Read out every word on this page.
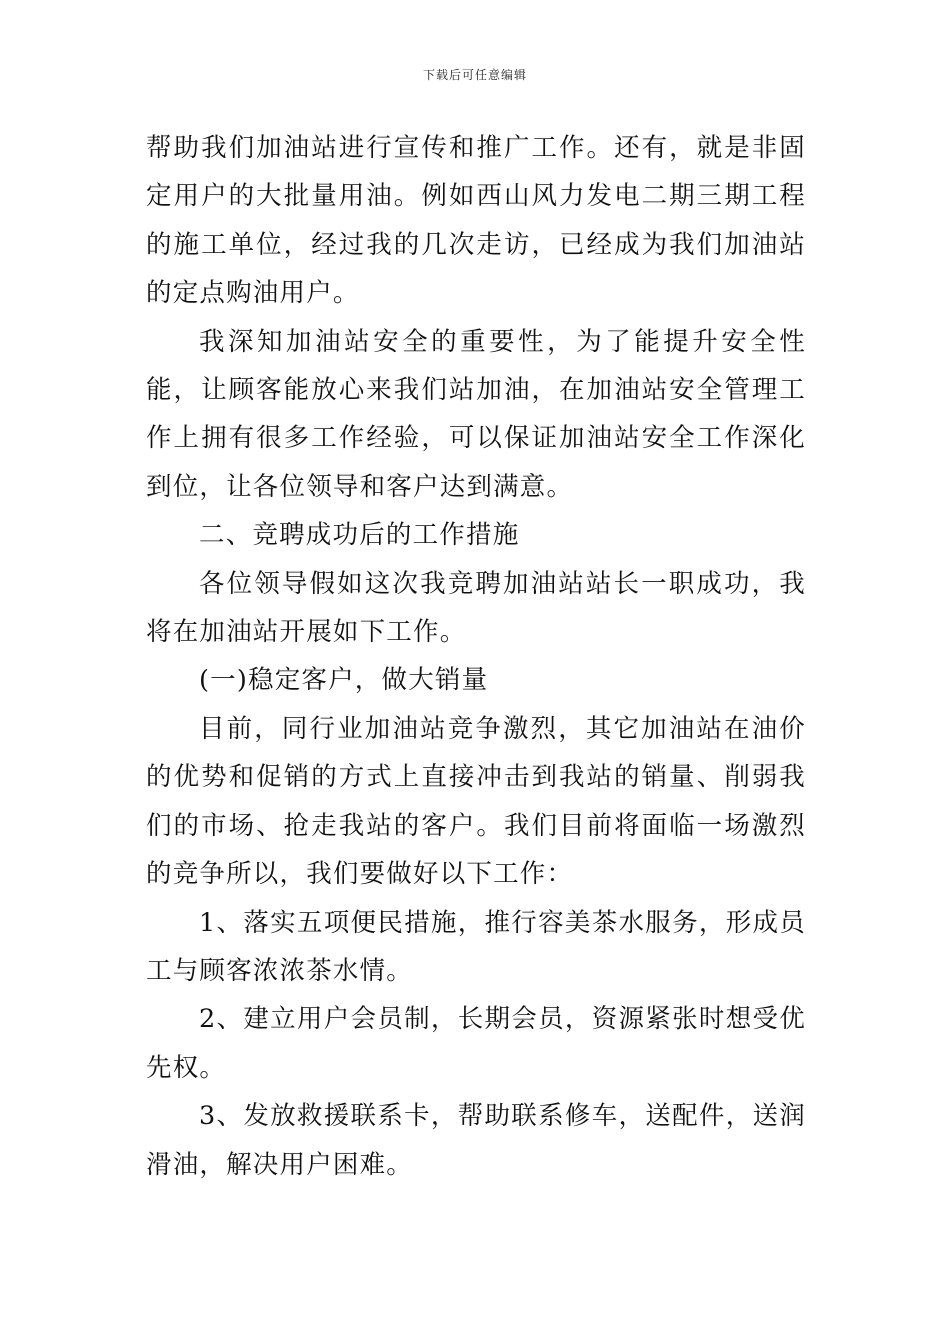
下载后可任意编辑

帮助我们加油站进行宣传和推广工作。还有，就是非固定用户的大批量用油。例如西山风力发电二期三期工程的施工单位，经过我的几次走访，已经成为我们加油站的定点购油用户。

我深知加油站安全的重要性，为了能提升安全性能，让顾客能放心来我们站加油，在加油站安全管理工作上拥有很多工作经验，可以保证加油站安全工作深化到位，让各位领导和客户达到满意。

二、竞聘成功后的工作措施

各位领导假如这次我竞聘加油站站长一职成功，我将在加油站开展如下工作。

(一)稳定客户，做大销量

目前，同行业加油站竞争激烈，其它加油站在油价的优势和促销的方式上直接冲击到我站的销量、削弱我们的市场、抢走我站的客户。我们目前将面临一场激烈的竞争所以，我们要做好以下工作：

1、落实五项便民措施，推行容美茶水服务，形成员工与顾客浓浓茶水情。

2、建立用户会员制，长期会员，资源紧张时想受优先权。

3、发放救援联系卡，帮助联系修车，送配件，送润滑油，解决用户困难。
